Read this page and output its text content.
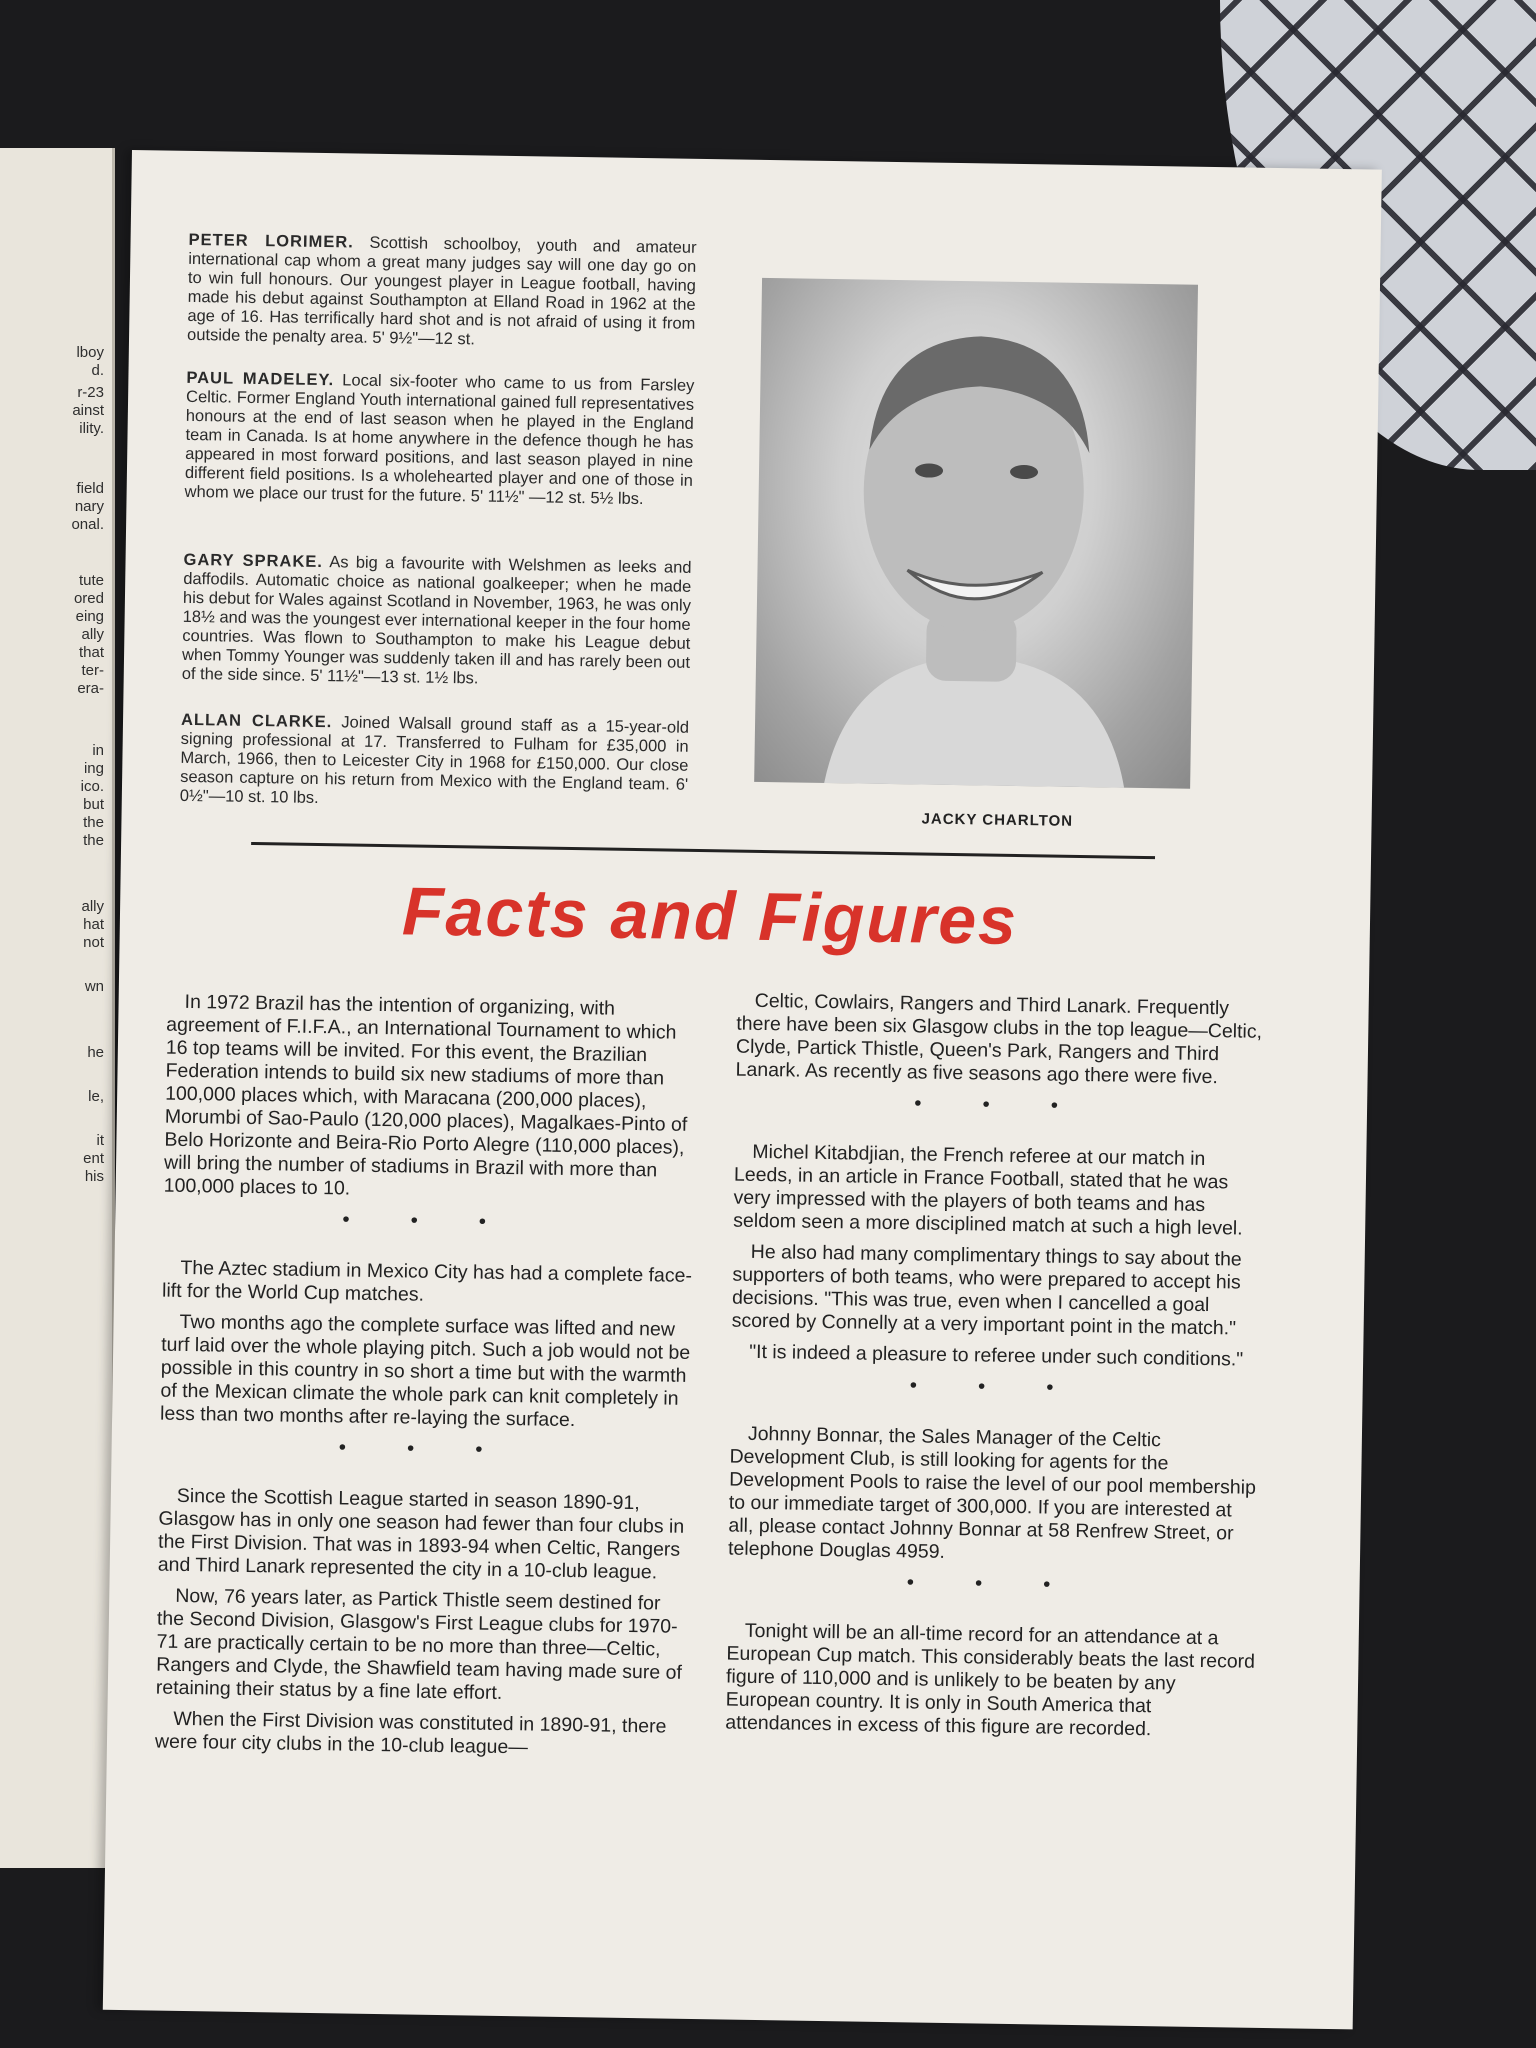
lboy
d.
r-23
ainst
ility.
field
nary
onal.
tute
ored
eing
ally
that
ter-
era-
in
ing
ico.
but
the
the
ally
hat
not
wn
he
le,
it
ent
his
PETER LORIMER. Scottish schoolboy, youth and amateur international cap whom a great many judges say will one day go on to win full honours. Our youngest player in League football, having made his debut against Southampton at Elland Road in 1962 at the age of 16. Has terrifically hard shot and is not afraid of using it from outside the penalty area. 5' 9½"—12 st.
PAUL MADELEY. Local six-footer who came to us from Farsley Celtic. Former England Youth international gained full representatives honours at the end of last season when he played in the England team in Canada. Is at home anywhere in the defence though he has appeared in most forward positions, and last season played in nine different field positions. Is a wholehearted player and one of those in whom we place our trust for the future. 5' 11½" —12 st. 5½ lbs.
GARY SPRAKE. As big a favourite with Welshmen as leeks and daffodils. Automatic choice as national goalkeeper; when he made his debut for Wales against Scotland in November, 1963, he was only 18½ and was the youngest ever international keeper in the four home countries. Was flown to Southampton to make his League debut when Tommy Younger was suddenly taken ill and has rarely been out of the side since. 5' 11½"—13 st. 1½ lbs.
ALLAN CLARKE. Joined Walsall ground staff as a 15-year-old signing professional at 17. Transferred to Fulham for £35,000 in March, 1966, then to Leicester City in 1968 for £150,000. Our close season capture on his return from Mexico with the England team. 6' 0½"—10 st. 10 lbs.
JACKY CHARLTON
Facts and Figures

In 1972 Brazil has the intention of organizing, with agreement of F.I.F.A., an International Tournament to which 16 top teams will be invited. For this event, the Brazilian Federation intends to build six new stadiums of more than 100,000 places which, with Maracana (200,000 places), Morumbi of Sao-Paulo (120,000 places), Magalkaes-Pinto of Belo Horizonte and Beira-Rio Porto Alegre (110,000 places), will bring the number of stadiums in Brazil with more than 100,000 places to 10.

• • •

The Aztec stadium in Mexico City has had a complete face-lift for the World Cup matches.

Two months ago the complete surface was lifted and new turf laid over the whole playing pitch. Such a job would not be possible in this country in so short a time but with the warmth of the Mexican climate the whole park can knit completely in less than two months after re-laying the surface.

• • •

Since the Scottish League started in season 1890-91, Glasgow has in only one season had fewer than four clubs in the First Division. That was in 1893-94 when Celtic, Rangers and Third Lanark represented the city in a 10-club league.

Now, 76 years later, as Partick Thistle seem destined for the Second Division, Glasgow's First League clubs for 1970-71 are practically certain to be no more than three—Celtic, Rangers and Clyde, the Shawfield team having made sure of retaining their status by a fine late effort.

When the First Division was constituted in 1890-91, there were four city clubs in the 10-club league—

Celtic, Cowlairs, Rangers and Third Lanark. Frequently there have been six Glasgow clubs in the top league—Celtic, Clyde, Partick Thistle, Queen's Park, Rangers and Third Lanark. As recently as five seasons ago there were five.

• • •

Michel Kitabdjian, the French referee at our match in Leeds, in an article in France Football, stated that he was very impressed with the players of both teams and has seldom seen a more disciplined match at such a high level.

He also had many complimentary things to say about the supporters of both teams, who were prepared to accept his decisions. "This was true, even when I cancelled a goal scored by Connelly at a very important point in the match."

"It is indeed a pleasure to referee under such conditions."

• • •

Johnny Bonnar, the Sales Manager of the Celtic Development Club, is still looking for agents for the Development Pools to raise the level of our pool membership to our immediate target of 300,000. If you are interested at all, please contact Johnny Bonnar at 58 Renfrew Street, or telephone Douglas 4959.

• • •

Tonight will be an all-time record for an attendance at a European Cup match. This considerably beats the last record figure of 110,000 and is unlikely to be beaten by any European country. It is only in South America that attendances in excess of this figure are recorded.
